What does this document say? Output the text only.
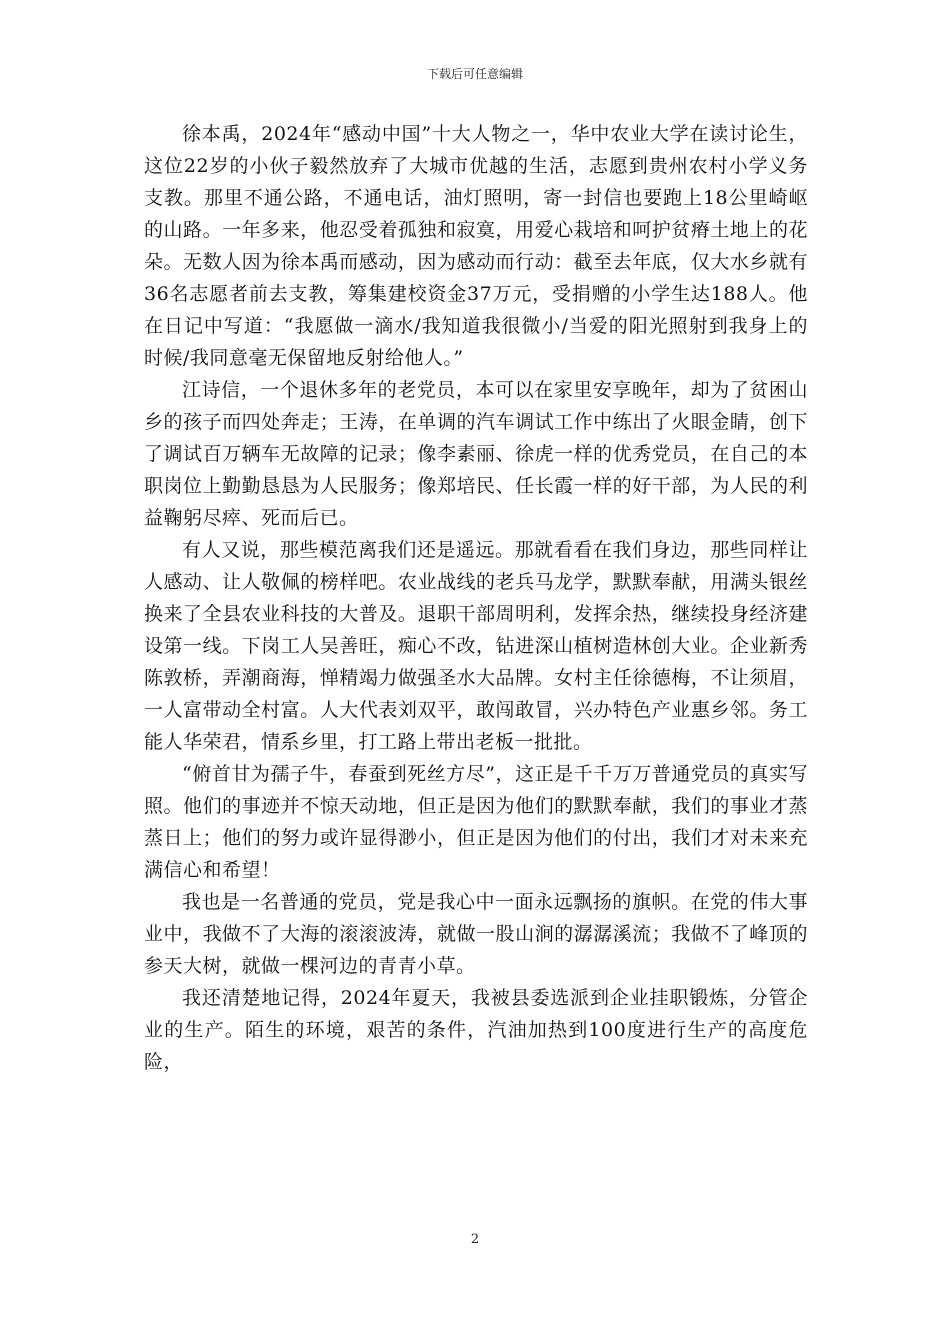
下载后可任意编辑

徐本禹，2024年“感动中国”十大人物之一，华中农业大学在读讨论生，这位22岁的小伙子毅然放弃了大城市优越的生活，志愿到贵州农村小学义务支教。那里不通公路，不通电话，油灯照明，寄一封信也要跑上18公里崎岖的山路。一年多来，他忍受着孤独和寂寞，用爱心栽培和呵护贫瘠土地上的花朵。无数人因为徐本禹而感动，因为感动而行动：截至去年底，仅大水乡就有36名志愿者前去支教，筹集建校资金37万元，受捐赠的小学生达188人。他在日记中写道：“我愿做一滴水/我知道我很微小/当爱的阳光照射到我身上的时候/我同意毫无保留地反射给他人。”

江诗信，一个退休多年的老党员，本可以在家里安享晚年，却为了贫困山乡的孩子而四处奔走；王涛，在单调的汽车调试工作中练出了火眼金睛，创下了调试百万辆车无故障的记录；像李素丽、徐虎一样的优秀党员，在自己的本职岗位上勤勤恳恳为人民服务；像郑培民、任长霞一样的好干部，为人民的利益鞠躬尽瘁、死而后已。

有人又说，那些模范离我们还是遥远。那就看看在我们身边，那些同样让人感动、让人敬佩的榜样吧。农业战线的老兵马龙学，默默奉献，用满头银丝换来了全县农业科技的大普及。退职干部周明利，发挥余热，继续投身经济建设第一线。下岗工人吴善旺，痴心不改，钻进深山植树造林创大业。企业新秀陈敦桥，弄潮商海，惮精竭力做强圣水大品牌。女村主任徐德梅，不让须眉，一人富带动全村富。人大代表刘双平，敢闯敢冒，兴办特色产业惠乡邻。务工能人华荣君，情系乡里，打工路上带出老板一批批。

“俯首甘为孺子牛，春蚕到死丝方尽”，这正是千千万万普通党员的真实写照。他们的事迹并不惊天动地，但正是因为他们的默默奉献，我们的事业才蒸蒸日上；他们的努力或许显得渺小，但正是因为他们的付出，我们才对未来充满信心和希望！

我也是一名普通的党员，党是我心中一面永远飘扬的旗帜。在党的伟大事业中，我做不了大海的滚滚波涛，就做一股山涧的潺潺溪流；我做不了峰顶的参天大树，就做一棵河边的青青小草。

我还清楚地记得，2024年夏天，我被县委选派到企业挂职锻炼，分管企业的生产。陌生的环境，艰苦的条件，汽油加热到100度进行生产的高度危险，

2
